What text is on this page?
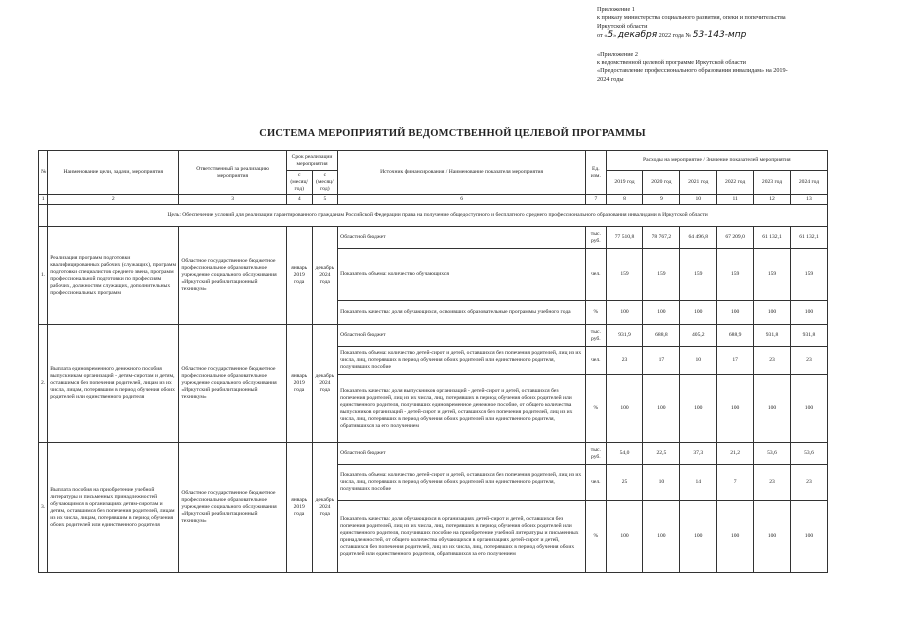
Приложение 1
к приказу министерства социального развития, опеки и попечительства
Иркутской области
от «5» декабря 2022 года № 53-143-мпр
«Приложение 2
к ведомственной целевой программе Иркутской области
«Предоставление профессионального образования инвалидам» на 2019-
2024 годы
СИСТЕМА МЕРОПРИЯТИЙ ВЕДОМСТВЕННОЙ ЦЕЛЕВОЙ ПРОГРАММЫ
№	Наименование цели, задачи, мероприятия	Ответственный за реализацию мероприятия	Срок реализации мероприятия		Источник финансирования / Наименование показателя мероприятия	Ед. изм.	Расходы на мероприятие / Значение показателей мероприятия					
			с (месяц/год)	с (месяц/год)			2019 год	2020 год	2021 год	2022 год	2023 год	2024 год
1	2	3	4	5	6	7	8	9	10	11	12	13
	Цель: Обеспечение условий для реализации гарантированного гражданам Российской Федерации права на получение общедоступного и бесплатного среднего профессионального образования инвалидами в Иркутской области											
1.	Реализация программ подготовки квалифицированных рабочих (служащих), программ подготовки специалистов среднего звена, программ профессиональной подготовки по профессиям рабочих, должностям служащих, дополнительных профессиональных программ	Областное государственное бюджетное профессиональное образовательное учреждение социального обслуживания «Иркутский реабилитационный техникум»	январь 2019 года	декабрь 2024 года	Областной бюджет	тыс. руб.	77 510,8	78 767,2	64 496,8	67 209,0	61 132,1	61 132,1
					Показатель объема: количество обучающихся	чел.	159	159	159	159	159	159
					Показатель качества: доля обучающихся, освоивших образовательные программы учебного года	%	100	100	100	100	100	100
2.	Выплата единовременного денежного пособия выпускникам организаций - детям-сиротам и детям, оставшимся без попечения родителей, лицам из их числа, лицам, потерявшим в период обучения обоих родителей или единственного родителя	Областное государственное бюджетное профессиональное образовательное учреждение социального обслуживания «Иркутский реабилитационный техникум»	январь 2019 года	декабрь 2024 года	Областной бюджет	тыс. руб.	931,9	688,8	405,2	688,9	931,8	931,8
					Показатель объема: количество детей-сирот и детей, оставшихся без попечения родителей, лиц из их числа, лиц, потерявших в период обучения обоих родителей или единственного родителя, получивших пособие	чел.	23	17	10	17	23	23
					Показатель качества: доля выпускников организаций - детей-сирот и детей, оставшихся без попечения родителей, лиц из их числа, лиц, потерявших в период обучения обоих родителей или единственного родителя, получивших единовременное денежное пособие, от общего количества выпускников организаций - детей-сирот и детей, оставшихся без попечения родителей, лиц из их числа, лиц, потерявших в период обучения обоих родителей или единственного родителя, обратившихся за его получением	%	100	100	100	100	100	100
3.	Выплата пособия на приобретение учебной литературы и письменных принадлежностей обучающимся в организациях детям-сиротам и детям, оставшимся без попечения родителей, лицам из их числа, лицам, потерявшим в период обучения обоих родителей или единственного родителя	Областное государственное бюджетное профессиональное образовательное учреждение социального обслуживания «Иркутский реабилитационный техникум»	январь 2019 года	декабрь 2024 года	Областной бюджет	тыс. руб.	54,0	22,5	37,3	21,2	53,6	53,6
					Показатель объема: количество детей-сирот и детей, оставшихся без попечения родителей, лиц из их числа, лиц, потерявших в период обучения обоих родителей или единственного родителя, получивших пособие	чел.	25	10	14	7	23	23
					Показатель качества: доля обучающихся в организациях детей-сирот и детей, оставшихся без попечения родителей, лиц из их числа, лиц, потерявших в период обучения обоих родителей или единственного родителя, получивших пособие на приобретение учебной литературы и письменных принадлежностей, от общего количества обучающихся в организациях детей-сирот и детей, оставшихся без попечения родителей, лиц из их числа, лиц, потерявших в период обучения обоих родителей или единственного родителя, обратившихся за его получением	%	100	100	100	100	100	100
